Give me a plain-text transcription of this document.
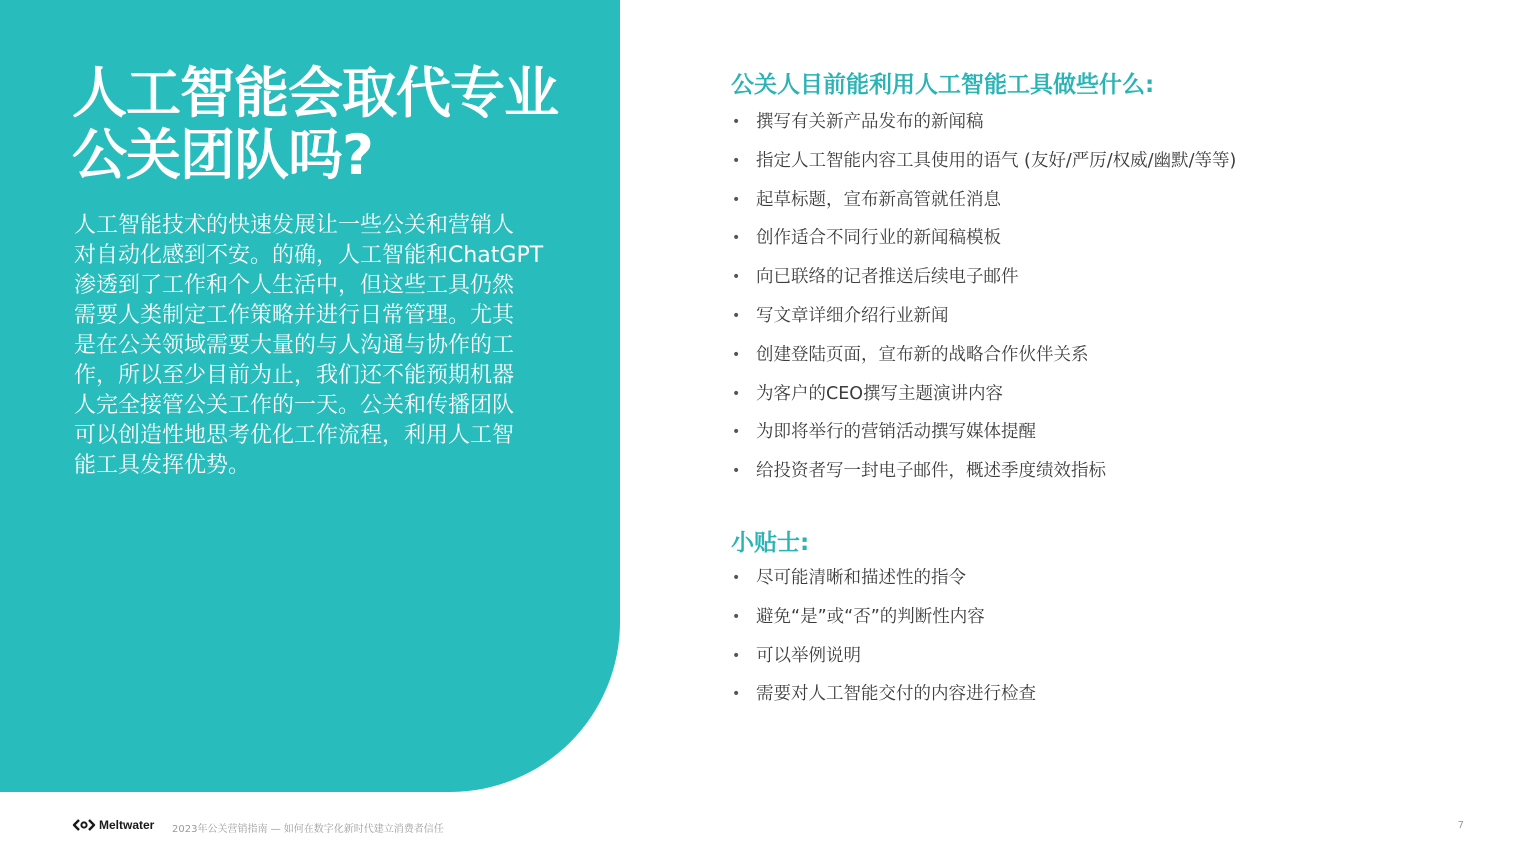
人工智能会取代专业
公关团队吗?

人工智能技术的快速发展让一些公关和营销人
对自动化感到不安。的确，人工智能和ChatGPT
渗透到了工作和个人生活中，但这些工具仍然
需要人类制定工作策略并进行日常管理。尤其
是在公关领域需要大量的与人沟通与协作的工
作，所以至少目前为止，我们还不能预期机器
人完全接管公关工作的一天。公关和传播团队
可以创造性地思考优化工作流程，利用人工智
能工具发挥优势。

公关人目前能利用人工智能工具做些什么:
• 撰写有关新产品发布的新闻稿
• 指定人工智能内容工具使用的语气 (友好/严厉/权威/幽默/等等)
• 起草标题，宣布新高管就任消息
• 创作适合不同行业的新闻稿模板
• 向已联络的记者推送后续电子邮件
• 写文章详细介绍行业新闻
• 创建登陆页面，宣布新的战略合作伙伴关系
• 为客户的CEO撰写主题演讲内容
• 为即将举行的营销活动撰写媒体提醒
• 给投资者写一封电子邮件，概述季度绩效指标
小贴士:
• 尽可能清晰和描述性的指令
• 避免“是”或“否”的判断性内容
• 可以举例说明
• 需要对人工智能交付的内容进行检查
Meltwater 2023年公关营销指南 — 如何在数字化新时代建立消费者信任	7
